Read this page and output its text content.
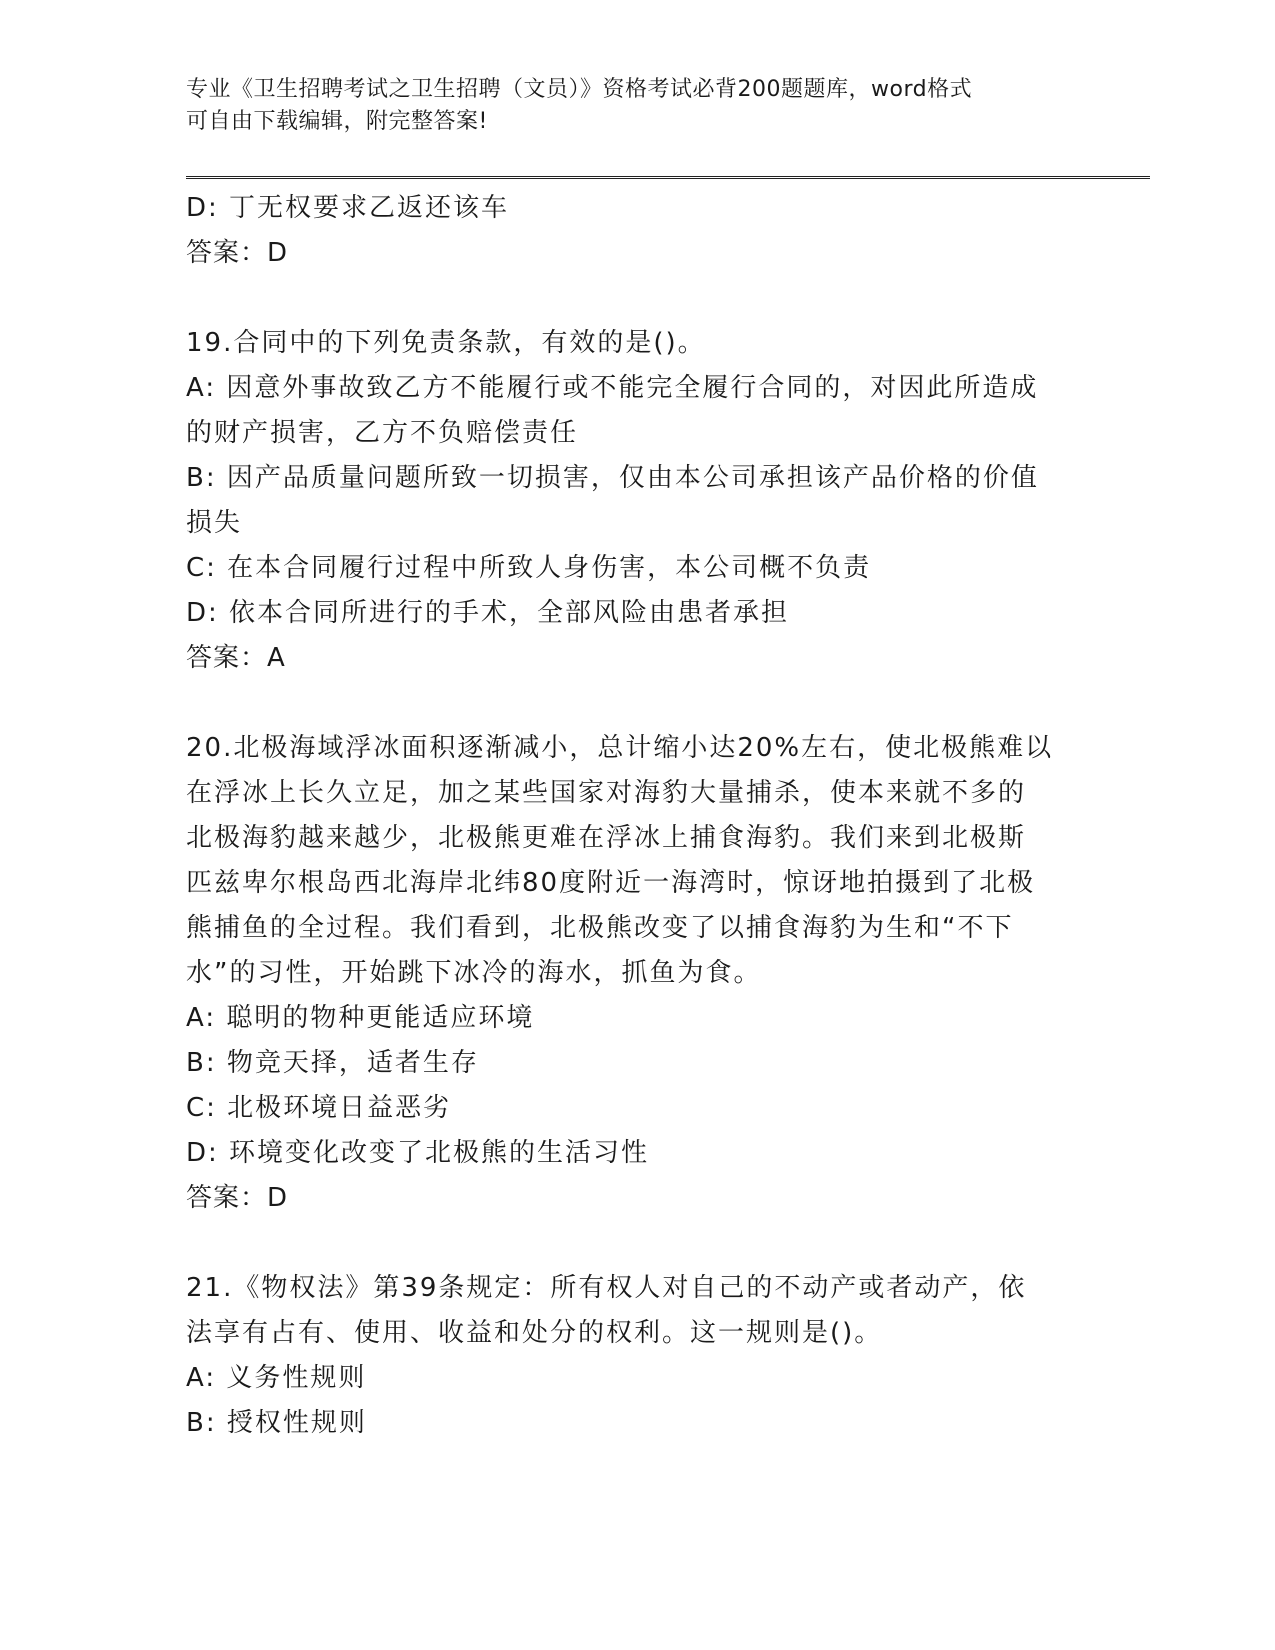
专业《卫生招聘考试之卫生招聘（文员）》资格考试必背200题题库，word格式
可自由下载编辑，附完整答案!
D: 丁无权要求乙返还该车
答案：D
19.合同中的下列免责条款，有效的是()。
A: 因意外事故致乙方不能履行或不能完全履行合同的，对因此所造成
的财产损害，乙方不负赔偿责任
B: 因产品质量问题所致一切损害，仅由本公司承担该产品价格的价值
损失
C: 在本合同履行过程中所致人身伤害，本公司概不负责
D: 依本合同所进行的手术，全部风险由患者承担
答案：A
20.北极海域浮冰面积逐渐减小，总计缩小达20%左右，使北极熊难以
在浮冰上长久立足，加之某些国家对海豹大量捕杀，使本来就不多的
北极海豹越来越少，北极熊更难在浮冰上捕食海豹。我们来到北极斯
匹兹卑尔根岛西北海岸北纬80度附近一海湾时，惊讶地拍摄到了北极
熊捕鱼的全过程。我们看到，北极熊改变了以捕食海豹为生和“不下
水”的习性，开始跳下冰冷的海水，抓鱼为食。
A: 聪明的物种更能适应环境
B: 物竞天择，适者生存
C: 北极环境日益恶劣
D: 环境变化改变了北极熊的生活习性
答案：D
21.《物权法》第39条规定：所有权人对自己的不动产或者动产，依
法享有占有、使用、收益和处分的权利。这一规则是()。
A: 义务性规则
B: 授权性规则
